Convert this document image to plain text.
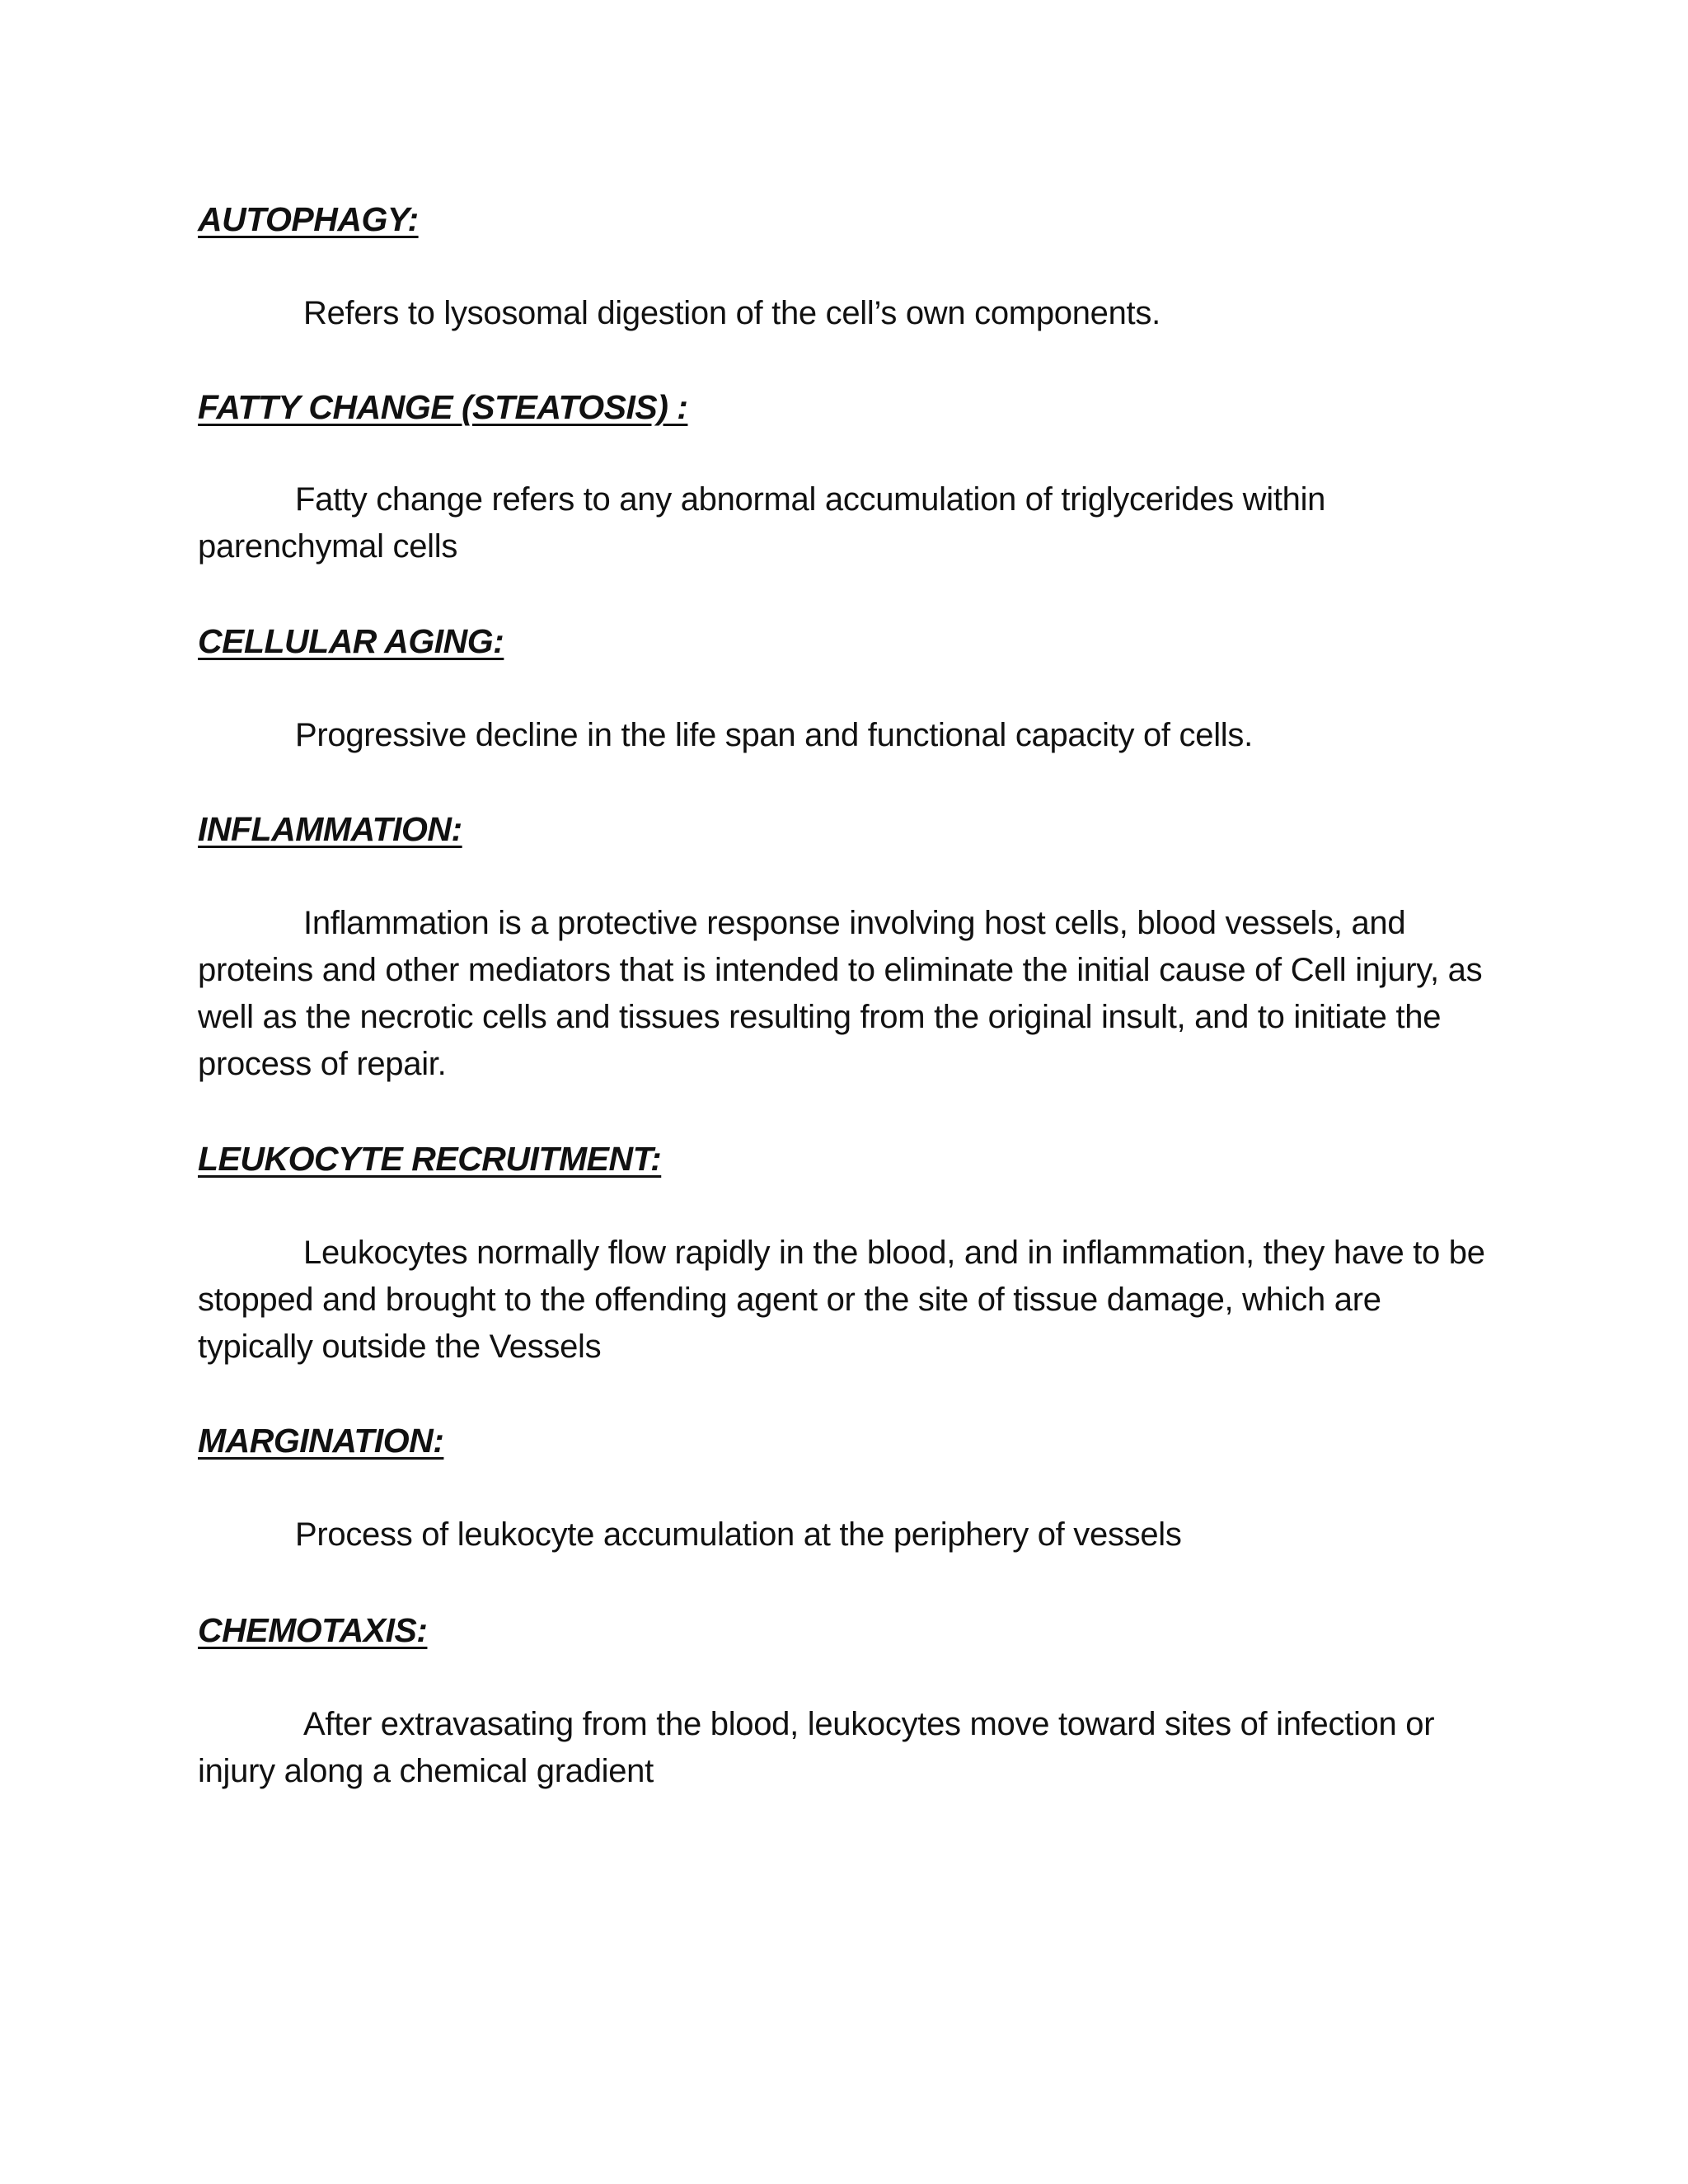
AUTOPHAGY:
Refers to lysosomal digestion of the cell’s own components.
FATTY CHANGE (STEATOSIS) :
Fatty change refers to any abnormal accumulation of triglycerides within parenchymal cells
CELLULAR AGING:
Progressive decline in the life span and functional capacity of cells.
INFLAMMATION:
Inflammation is a protective response involving host cells, blood vessels, and proteins and other mediators that is intended to eliminate the initial cause of Cell injury, as well as the necrotic cells and tissues resulting from the original insult, and to initiate the process of repair.
LEUKOCYTE RECRUITMENT:
Leukocytes normally flow rapidly in the blood, and in inflammation, they have to be stopped and brought to the offending agent or the site of tissue damage, which are typically outside the Vessels
MARGINATION:
Process of leukocyte accumulation at the periphery of vessels
CHEMOTAXIS:
After extravasating from the blood, leukocytes move toward sites of infection or injury along a chemical gradient
